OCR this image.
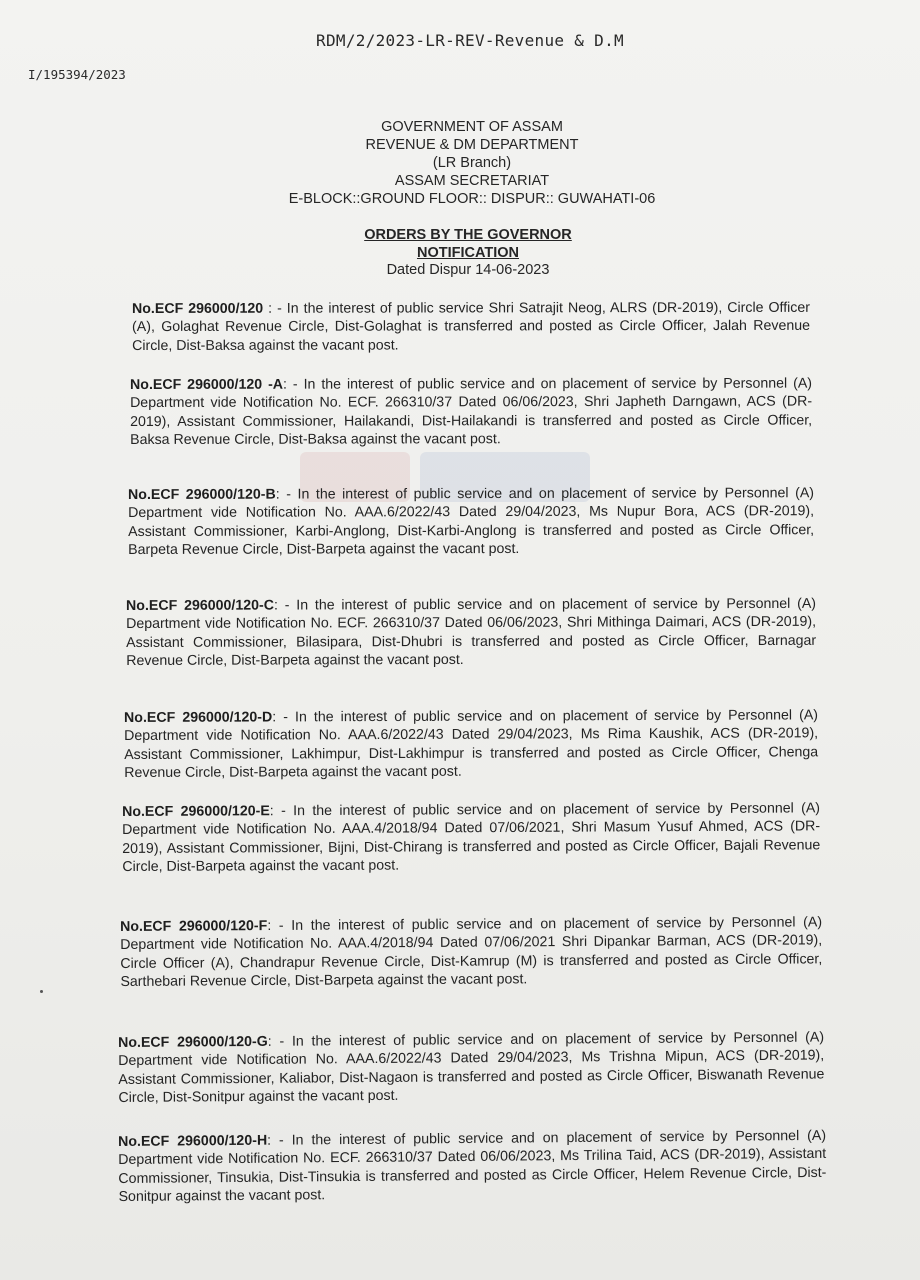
RDM/2/2023-LR-REV-Revenue & D.M
I/195394/2023
GOVERNMENT OF ASSAM
REVENUE & DM DEPARTMENT
(LR Branch)
ASSAM SECRETARIAT
E-BLOCK::GROUND FLOOR:: DISPUR:: GUWAHATI-06
ORDERS BY THE GOVERNOR
NOTIFICATION
Dated Dispur 14-06-2023
No.ECF 296000/120 : - In the interest of public service Shri Satrajit Neog, ALRS (DR-2019), Circle Officer (A), Golaghat Revenue Circle, Dist-Golaghat is transferred and posted as Circle Officer, Jalah Revenue Circle, Dist-Baksa against the vacant post.
No.ECF 296000/120 -A: - In the interest of public service and on placement of service by Personnel (A) Department vide Notification No. ECF. 266310/37 Dated 06/06/2023, Shri Japheth Darngawn, ACS (DR-2019), Assistant Commissioner, Hailakandi, Dist-Hailakandi is transferred and posted as Circle Officer, Baksa Revenue Circle, Dist-Baksa against the vacant post.
No.ECF 296000/120-B: - In the interest of public service and on placement of service by Personnel (A) Department vide Notification No. AAA.6/2022/43 Dated 29/04/2023, Ms Nupur Bora, ACS (DR-2019), Assistant Commissioner, Karbi-Anglong, Dist-Karbi-Anglong is transferred and posted as Circle Officer, Barpeta Revenue Circle, Dist-Barpeta against the vacant post.
No.ECF 296000/120-C: - In the interest of public service and on placement of service by Personnel (A) Department vide Notification No. ECF. 266310/37 Dated 06/06/2023, Shri Mithinga Daimari, ACS (DR-2019), Assistant Commissioner, Bilasipara, Dist-Dhubri is transferred and posted as Circle Officer, Barnagar Revenue Circle, Dist-Barpeta against the vacant post.
No.ECF 296000/120-D: - In the interest of public service and on placement of service by Personnel (A) Department vide Notification No. AAA.6/2022/43 Dated 29/04/2023, Ms Rima Kaushik, ACS (DR-2019), Assistant Commissioner, Lakhimpur, Dist-Lakhimpur is transferred and posted as Circle Officer, Chenga Revenue Circle, Dist-Barpeta against the vacant post.
No.ECF 296000/120-E: - In the interest of public service and on placement of service by Personnel (A) Department vide Notification No. AAA.4/2018/94 Dated 07/06/2021, Shri Masum Yusuf Ahmed, ACS (DR-2019), Assistant Commissioner, Bijni, Dist-Chirang is transferred and posted as Circle Officer, Bajali Revenue Circle, Dist-Barpeta against the vacant post.
No.ECF 296000/120-F: - In the interest of public service and on placement of service by Personnel (A) Department vide Notification No. AAA.4/2018/94 Dated 07/06/2021 Shri Dipankar Barman, ACS (DR-2019), Circle Officer (A), Chandrapur Revenue Circle, Dist-Kamrup (M) is transferred and posted as Circle Officer, Sarthebari Revenue Circle, Dist-Barpeta against the vacant post.
No.ECF 296000/120-G: - In the interest of public service and on placement of service by Personnel (A) Department vide Notification No. AAA.6/2022/43 Dated 29/04/2023, Ms Trishna Mipun, ACS (DR-2019), Assistant Commissioner, Kaliabor, Dist-Nagaon is transferred and posted as Circle Officer, Biswanath Revenue Circle, Dist-Sonitpur against the vacant post.
No.ECF 296000/120-H: - In the interest of public service and on placement of service by Personnel (A) Department vide Notification No. ECF. 266310/37 Dated 06/06/2023, Ms Trilina Taid, ACS (DR-2019), Assistant Commissioner, Tinsukia, Dist-Tinsukia is transferred and posted as Circle Officer, Helem Revenue Circle, Dist-Sonitpur against the vacant post.
